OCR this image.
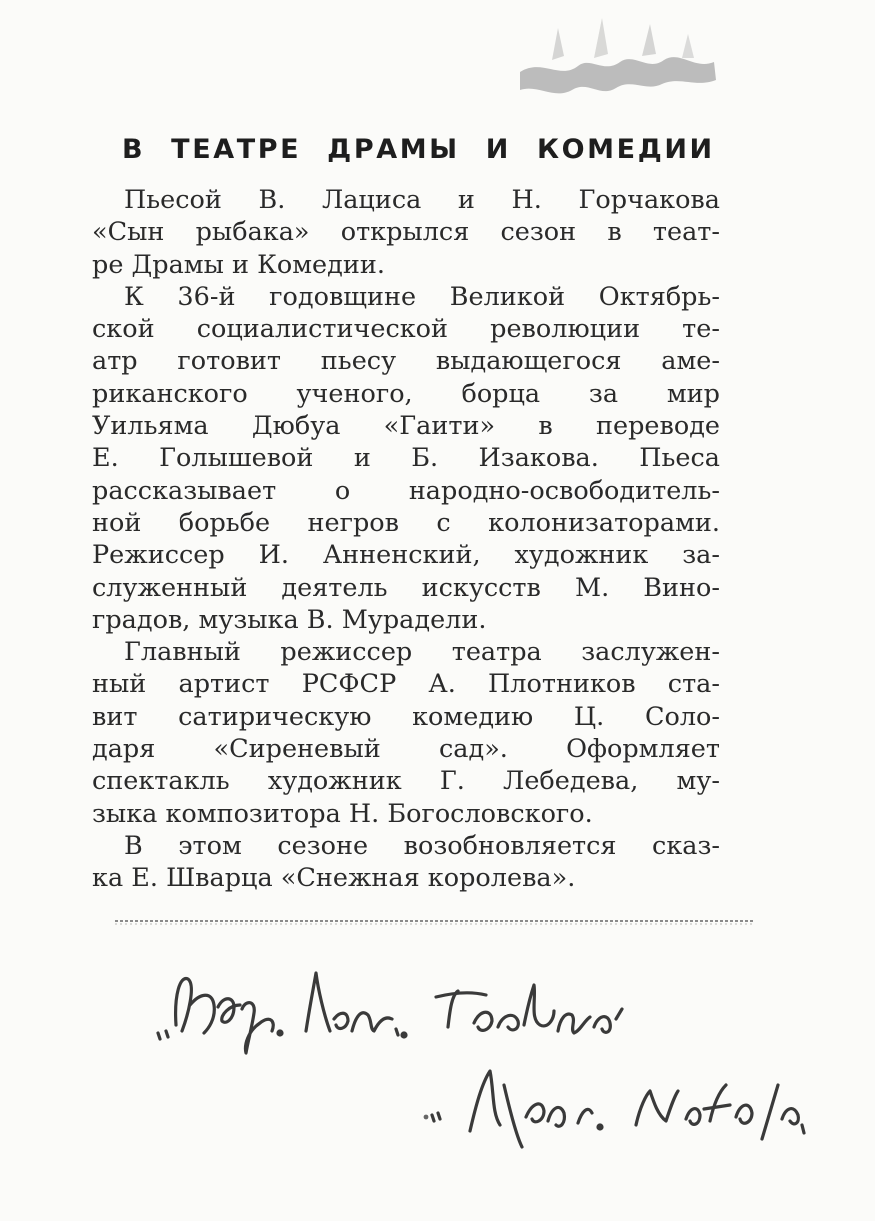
В ТЕАТРЕ ДРАМЫ И КОМЕДИИ
Пьесой В. Лациса и Н. Горчакова
«Сын рыбака» открылся сезон в теат-
ре Драмы и Комедии.
К 36-й годовщине Великой Октябрь-
ской социалистической революции те-
атр готовит пьесу выдающегося аме-
риканского ученого, борца за мир
Уильяма Дюбуа «Гаити» в переводе
Е. Голышевой и Б. Изакова. Пьеса
рассказывает о народно-освободитель-
ной борьбе негров с колонизаторами.
Режиссер И. Анненский, художник за-
служенный деятель искусств М. Вино-
градов, музыка В. Мурадели.
Главный режиссер театра заслужен-
ный артист РСФСР А. Плотников ста-
вит сатирическую комедию Ц. Соло-
даря «Сиреневый сад». Оформляет
спектакль художник Г. Лебедева, му-
зыка композитора Н. Богословского.
В этом сезоне возобновляется сказ-
ка Е. Шварца «Снежная королева».
